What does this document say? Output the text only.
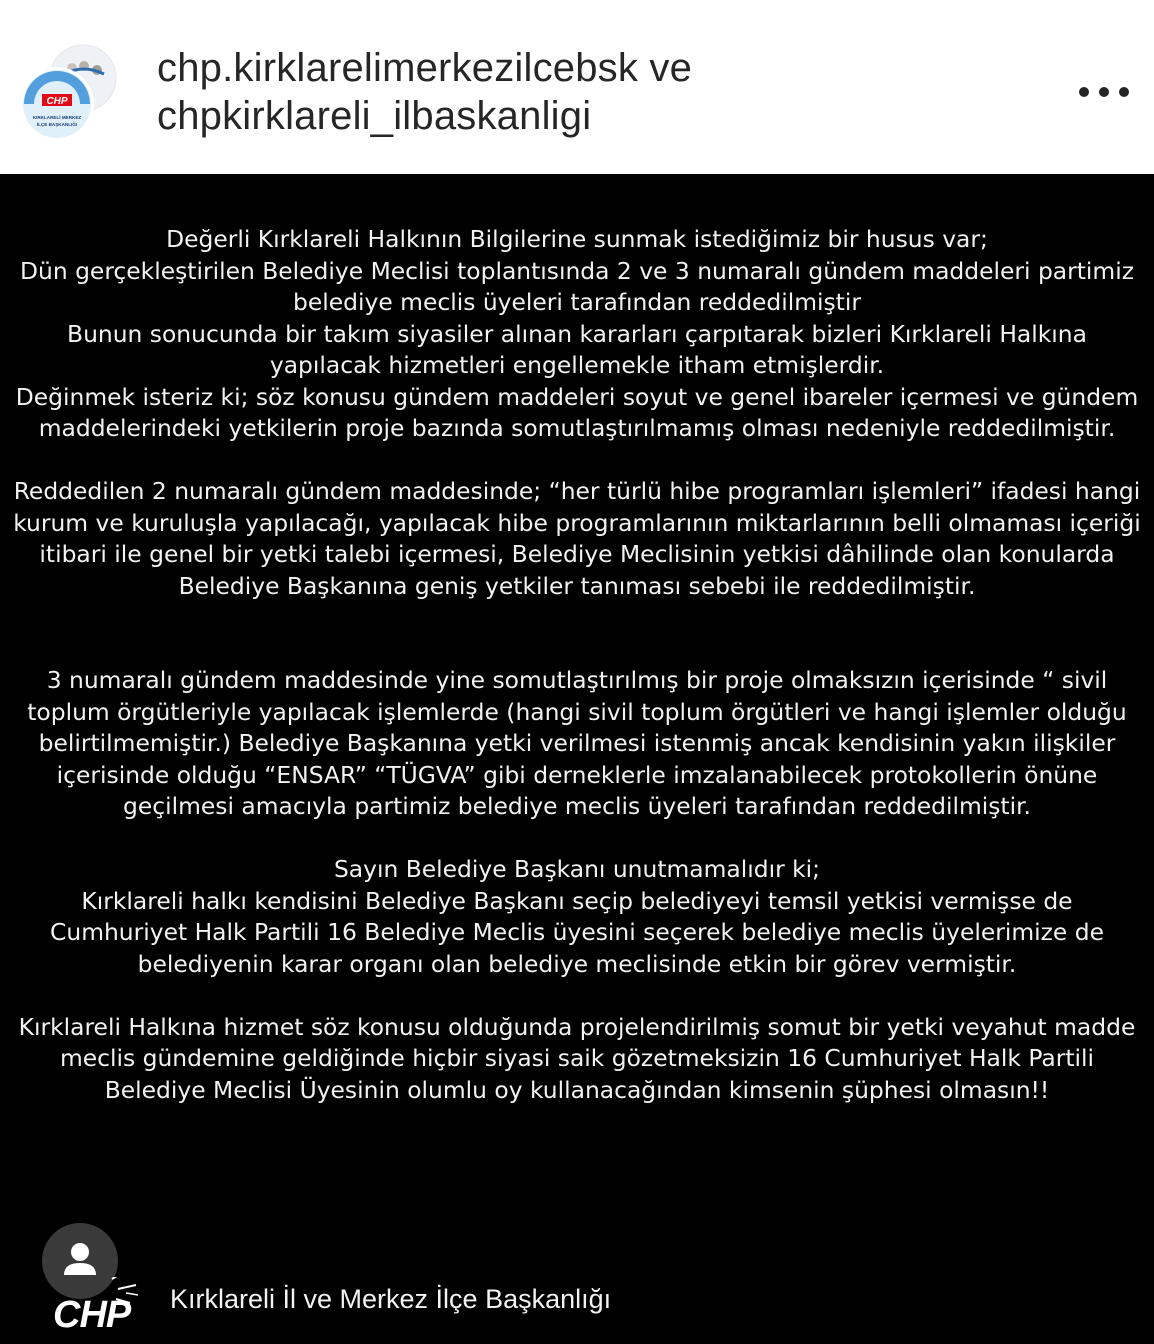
CHP
KIRKLARELİ MERKEZ
İLÇE BAŞKANLIĞI
chp.kirklarelimerkezilcebsk ve
chpkirklareli_ilbaskanligi
Değerli Kırklareli Halkının Bilgilerine sunmak istediğimiz bir husus var;
Dün gerçekleştirilen Belediye Meclisi toplantısında 2 ve 3 numaralı gündem maddeleri partimiz
belediye meclis üyeleri tarafından reddedilmiştir
Bunun sonucunda bir takım siyasiler alınan kararları çarpıtarak bizleri Kırklareli Halkına
yapılacak hizmetleri engellemekle itham etmişlerdir.
Değinmek isteriz ki; söz konusu gündem maddeleri soyut ve genel ibareler içermesi ve gündem
maddelerindeki yetkilerin proje bazında somutlaştırılmamış olması nedeniyle reddedilmiştir.
Reddedilen 2 numaralı gündem maddesinde; “her türlü hibe programları işlemleri” ifadesi hangi
kurum ve kuruluşla yapılacağı, yapılacak hibe programlarının miktarlarının belli olmaması içeriği
itibari ile genel bir yetki talebi içermesi, Belediye Meclisinin yetkisi dâhilinde olan konularda
Belediye Başkanına geniş yetkiler tanıması sebebi ile reddedilmiştir.
3 numaralı gündem maddesinde yine somutlaştırılmış bir proje olmaksızın içerisinde “ sivil
toplum örgütleriyle yapılacak işlemlerde (hangi sivil toplum örgütleri ve hangi işlemler olduğu
belirtilmemiştir.) Belediye Başkanına yetki verilmesi istenmiş ancak kendisinin yakın ilişkiler
içerisinde olduğu “ENSAR” “TÜGVA” gibi derneklerle imzalanabilecek protokollerin önüne
geçilmesi amacıyla partimiz belediye meclis üyeleri tarafından reddedilmiştir.
Sayın Belediye Başkanı unutmamalıdır ki;
Kırklareli halkı kendisini Belediye Başkanı seçip belediyeyi temsil yetkisi vermişse de
Cumhuriyet Halk Partili 16 Belediye Meclis üyesini seçerek belediye meclis üyelerimize de
belediyenin karar organı olan belediye meclisinde etkin bir görev vermiştir.
Kırklareli Halkına hizmet söz konusu olduğunda projelendirilmiş somut bir yetki veyahut madde
meclis gündemine geldiğinde hiçbir siyasi saik gözetmeksizin 16 Cumhuriyet Halk Partili
Belediye Meclisi Üyesinin olumlu oy kullanacağından kimsenin şüphesi olmasın!!
CHP Kırklareli İl ve Merkez İlçe Başkanlığı
